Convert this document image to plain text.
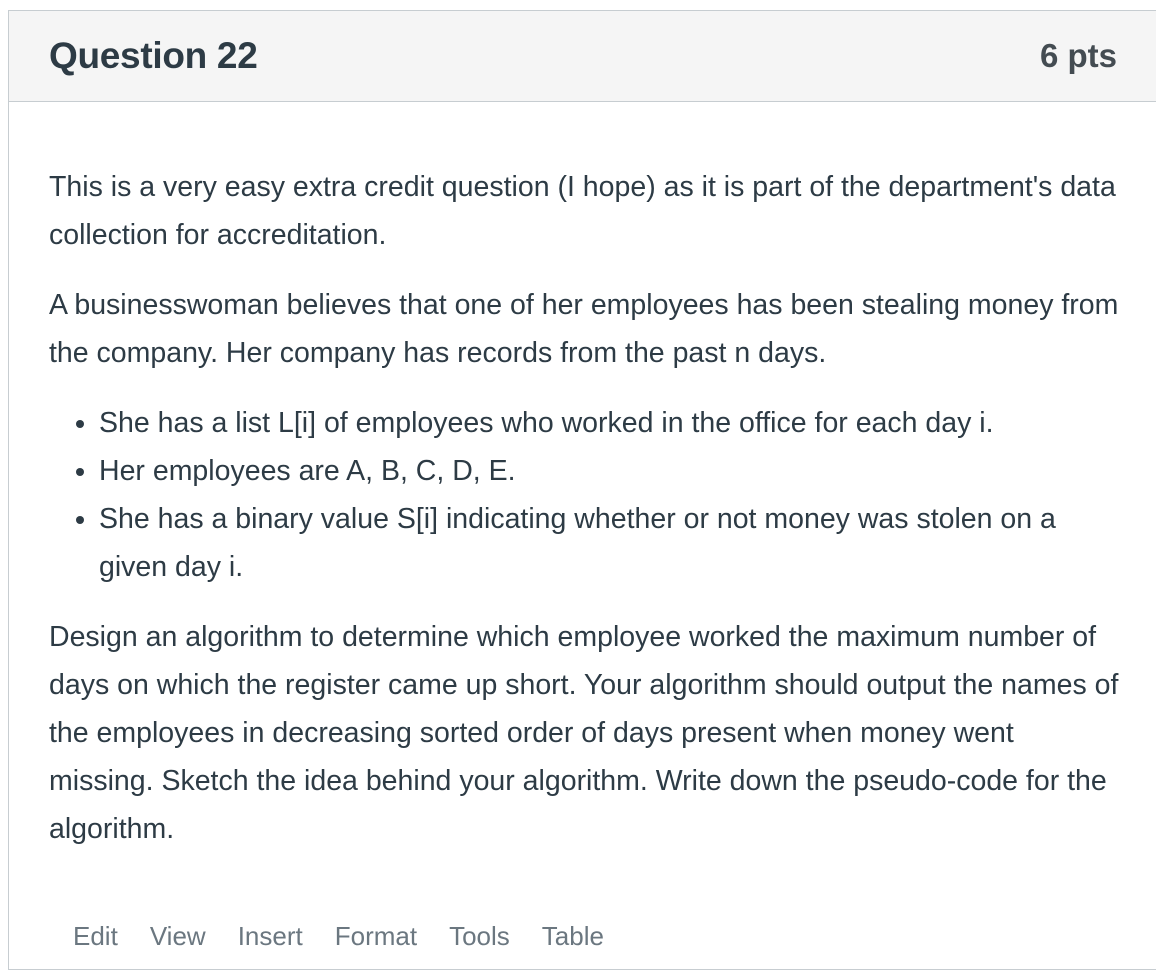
Question 22	6 pts

This is a very easy extra credit question (I hope) as it is part of the department's data collection for accreditation.

A businesswoman believes that one of her employees has been stealing money from the company. Her company has records from the past n days.

• She has a list L[i] of employees who worked in the office for each day i.
• Her employees are A, B, C, D, E.
• She has a binary value S[i] indicating whether or not money was stolen on a given day i.

Design an algorithm to determine which employee worked the maximum number of days on which the register came up short. Your algorithm should output the names of the employees in decreasing sorted order of days present when money went missing. Sketch the idea behind your algorithm. Write down the pseudo-code for the algorithm.

Edit View Insert Format Tools Table
